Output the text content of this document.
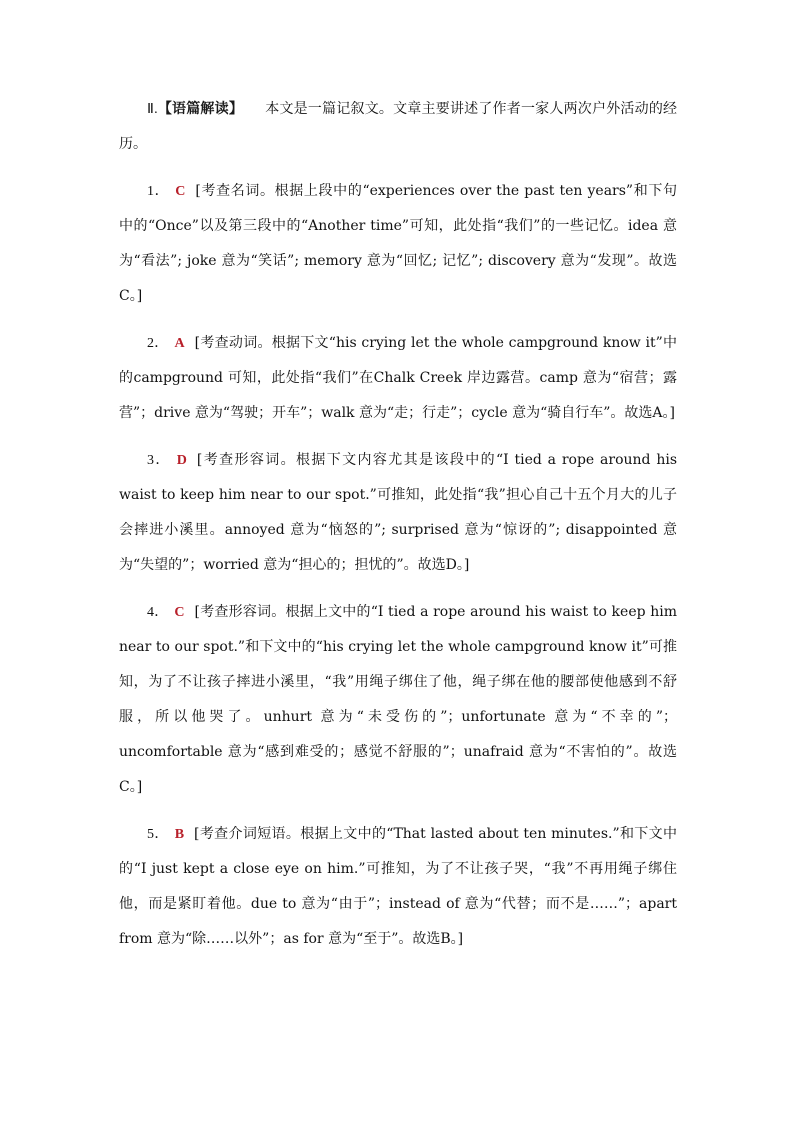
Ⅱ.【语篇解读】 本文是一篇记叙文。文章主要讲述了作者一家人两次户外活动的经历。

1． C [考查名词。根据上段中的“experiences over the past ten years”和下句中的“Once”以及第三段中的“Another time”可知，此处指“我们”的一些记忆。idea 意为“看法”; joke 意为“笑话”; memory 意为“回忆; 记忆”; discovery 意为“发现”。故选C。]

2． A [考查动词。根据下文“his crying let the whole campground know it”中的campground 可知，此处指“我们”在Chalk Creek 岸边露营。camp 意为“宿营；露营”；drive 意为“驾驶；开车”；walk 意为“走；行走”；cycle 意为“骑自行车”。故选A。]

3． D [考查形容词。根据下文内容尤其是该段中的“I tied a rope around his waist to keep him near to our spot.”可推知，此处指“我”担心自己十五个月大的儿子会摔进小溪里。annoyed 意为“恼怒的”; surprised 意为“惊讶的”; disappointed 意为“失望的”；worried 意为“担心的；担忧的”。故选D。]

4． C [考查形容词。根据上文中的“I tied a rope around his waist to keep him near to our spot.”和下文中的“his crying let the whole campground know it”可推知，为了不让孩子摔进小溪里，“我”用绳子绑住了他，绳子绑在他的腰部使他感到不舒服，所以他哭了。unhurt 意为“未受伤的”；unfortunate 意为“不幸的”；uncomfortable 意为“感到难受的；感觉不舒服的”；unafraid 意为“不害怕的”。故选C。]

5． B [考查介词短语。根据上文中的“That lasted about ten minutes.”和下文中的“I just kept a close eye on him.”可推知，为了不让孩子哭，“我”不再用绳子绑住他，而是紧盯着他。due to 意为“由于”；instead of 意为“代替；而不是……”；apart from 意为“除……以外”；as for 意为“至于”。故选B。]
